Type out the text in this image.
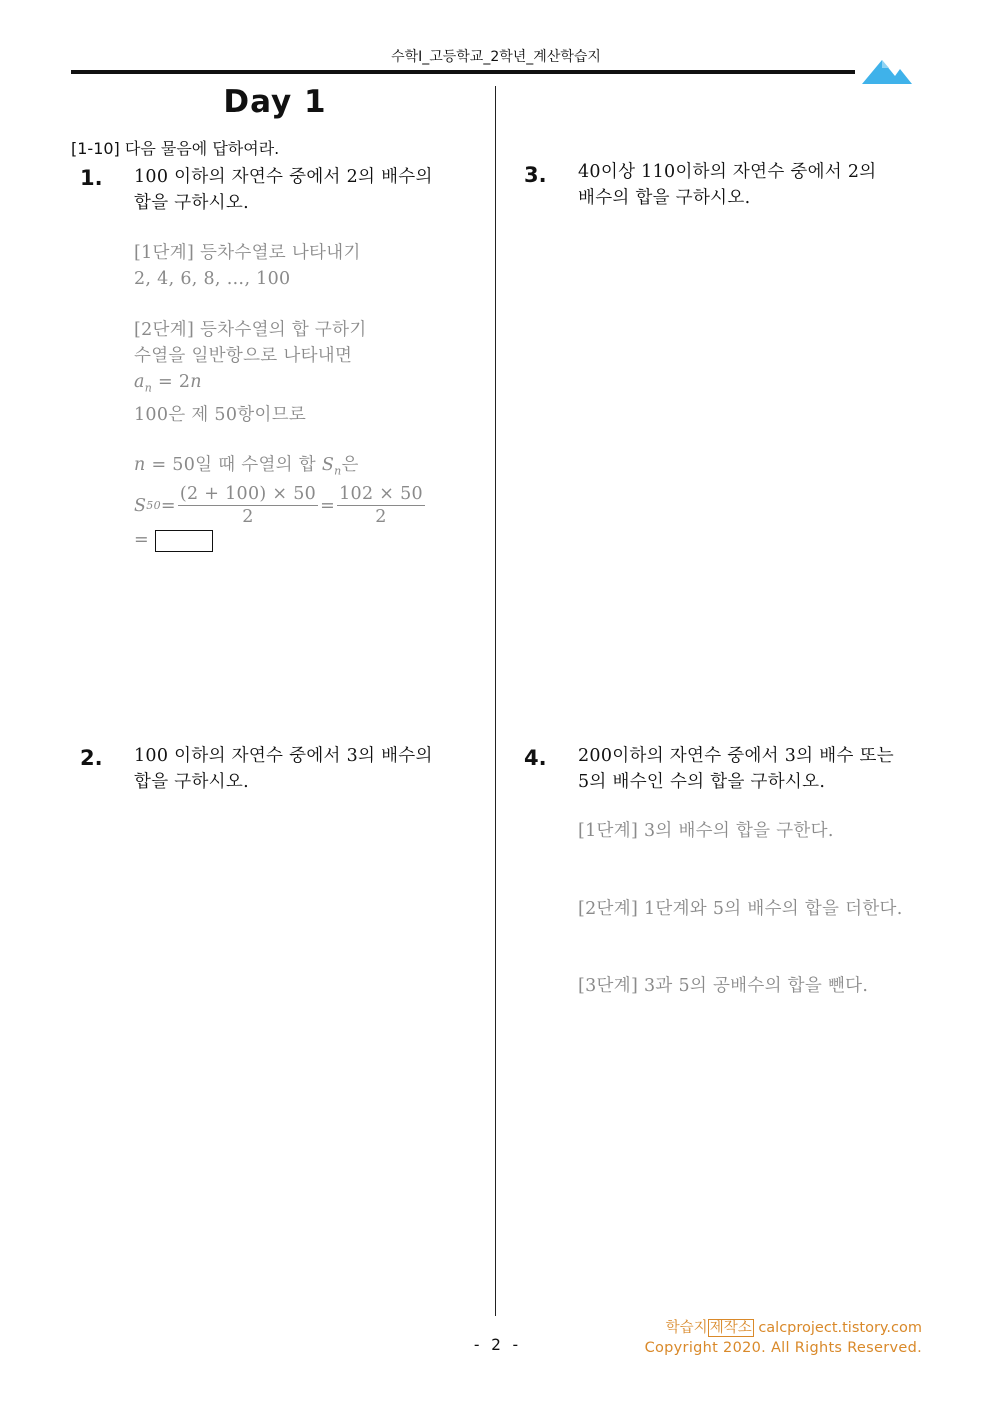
수학I_고등학교_2학년_계산학습지
Day 1
[1-10] 다음 물음에 답하여라.
1. 100 이하의 자연수 중에서 2의 배수의
합을 구하시오.
[1단계] 등차수열로 나타내기
2, 4, 6, 8, …, 100
[2단계] 등차수열의 합 구하기
수열을 일반항으로 나타내면
$a_n = 2n$
100은 제 50항이므로
n = 50일 때 수열의 합 $S_n$은
S $50 = \frac{(2 + 100) \times 50}{2} = \frac{102 \times 50}{2}$
=
2. 100 이하의 자연수 중에서 3의 배수의
합을 구하시오.
3. 40이상 110이하의 자연수 중에서 2의
배수의 합을 구하시오.
4. 200이하의 자연수 중에서 3의 배수 또는
5의 배수인 수의 합을 구하시오.
[1단계] 3의 배수의 합을 구한다.
[2단계] 1단계와 5의 배수의 합을 더한다.
[3단계] 3과 5의 공배수의 합을 뺀다.
학습지 제작소 calcproject.tistory.com
Copyright 2020. All Rights Reserved.
- 2 -
